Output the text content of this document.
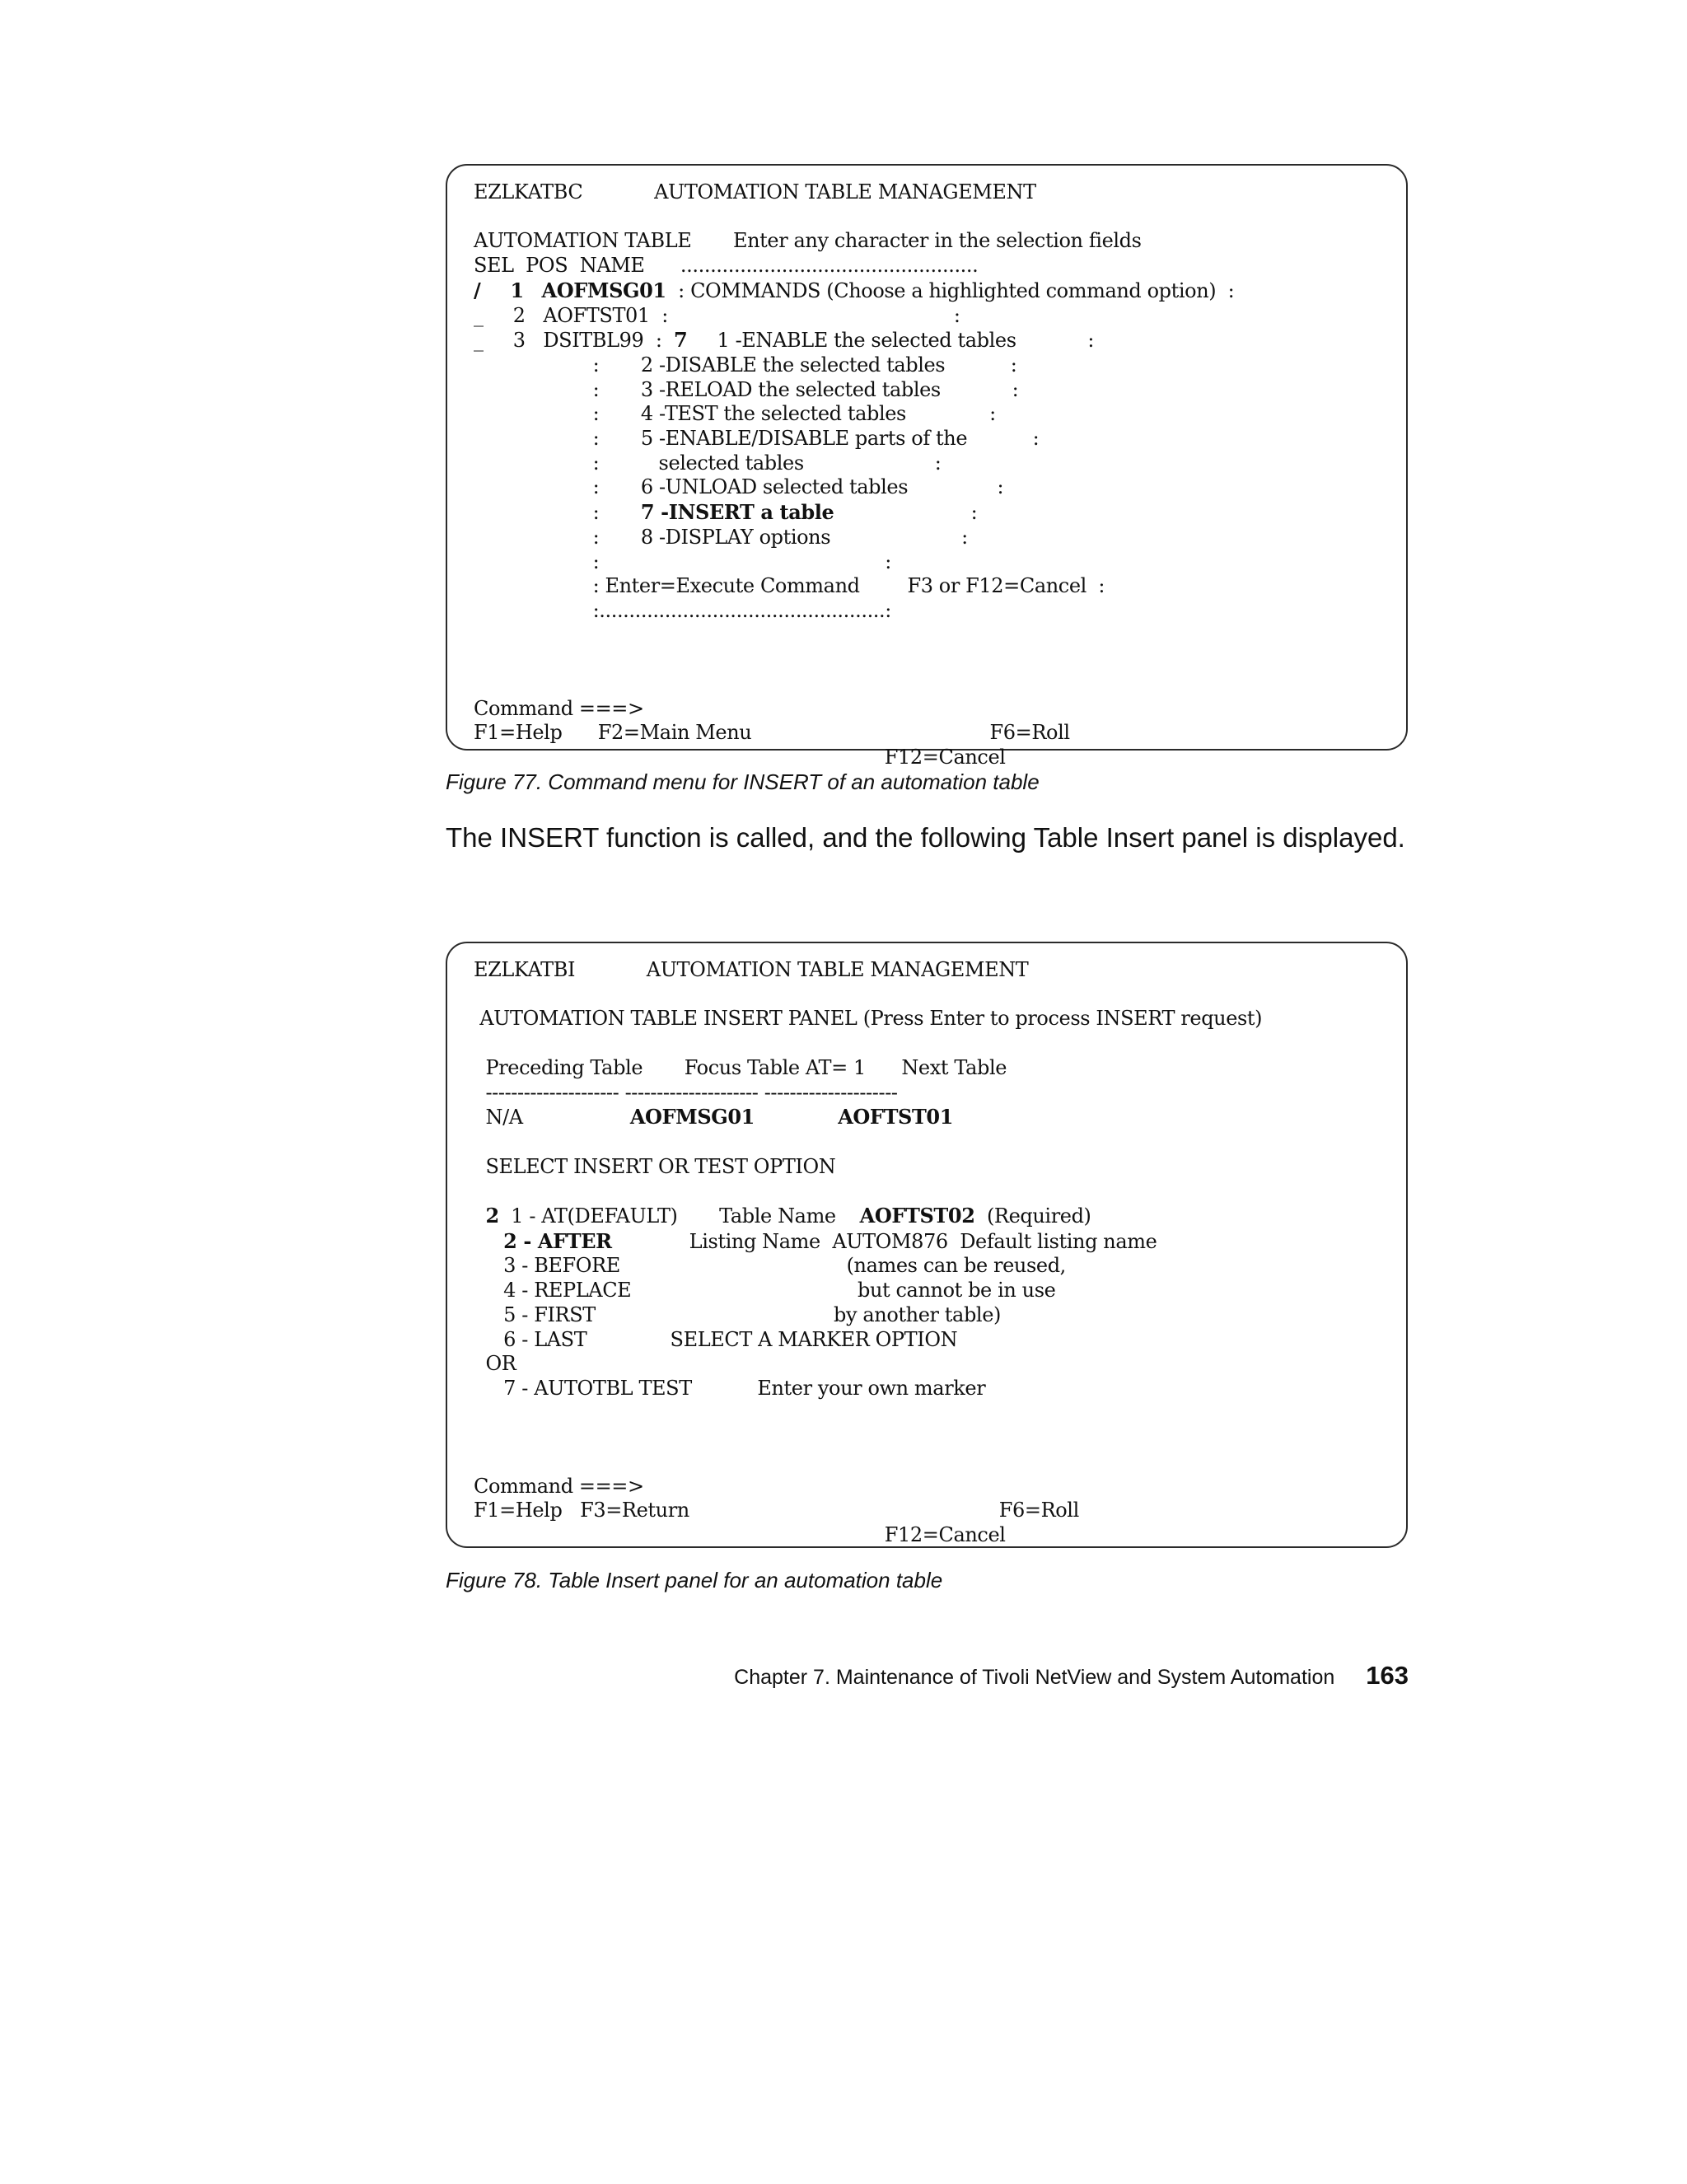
EZLKATBC	AUTOMATION TABLE MANAGEMENT

AUTOMATION TABLE Enter any character in the selection fields
SEL POS NAME      ..................................................
/ 1 AOFMSG01  : COMMANDS (Choose a highlighted command option)  :
_ 2 AOFTST01  :                                                :
_ 3 DSITBL99  :  7 1 -ENABLE the selected tables	:
:       2 -DISABLE the selected tables	:
:       3 -RELOAD the selected tables	:
:       4 -TEST the selected tables	:
:       5 -ENABLE/DISABLE parts of the	:
:          selected tables	:
:       6 -UNLOAD selected tables	:
:       7 -INSERT a table	:
:       8 -DISPLAY options	:
:                                                :
: Enter=Execute Command F3 or F12=Cancel  :
:................................................:

Command ===>
F1=Help F2=Main Menu	F6=Roll
F12=Cancel

Figure 77. Command menu for INSERT of an automation table

The INSERT function is called, and the following Table Insert panel is displayed.

EZLKATBI	AUTOMATION TABLE MANAGEMENT

AUTOMATION TABLE INSERT PANEL (Press Enter to process INSERT request)

Preceding Table Focus Table AT= 1 Next Table
--------------------- --------------------- ---------------------
N/A	AOFMSG01	AOFTST01

SELECT INSERT OR TEST OPTION

2 1 - AT(DEFAULT) Table Name AOFTST02 (Required)
2 - AFTER	Listing Name AUTOM876 Default listing name
3 - BEFORE	(names can be reused,
4 - REPLACE	but cannot be in use
5 - FIRST	by another table)
6 - LAST	SELECT A MARKER OPTION
OR
7 - AUTOTBL TEST	Enter your own marker

Command ===>
F1=Help F3=Return	F6=Roll
F12=Cancel

Figure 78. Table Insert panel for an automation table

Chapter 7. Maintenance of Tivoli NetView and System Automation 163
